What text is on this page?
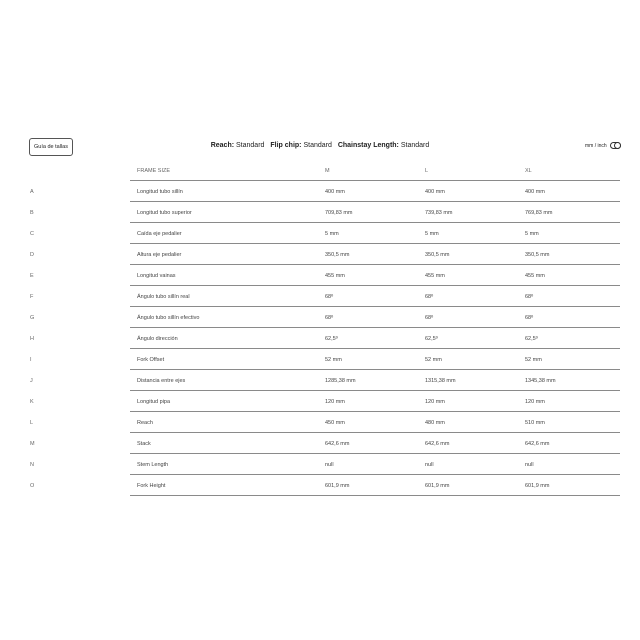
Guía de tallas	Reach: Standard Flip chip: Standard Chainstay Length: Standard	mm / inch
FRAME SIZE	M	L	XL
A	Longitud tubo sillín	400 mm	400 mm	400 mm
B	Longitud tubo superior	709,83 mm	739,83 mm	769,83 mm
C	Caída eje pedalier	5 mm	5 mm	5 mm
D	Altura eje pedalier	350,5 mm	350,5 mm	350,5 mm
E	Longitud vainas	455 mm	455 mm	455 mm
F	Ángulo tubo sillín real	68º	68º	68º
G	Ángulo tubo sillín efectivo	68º	68º	68º
H	Ángulo dirección	62,5º	62,5º	62,5º
I	Fork Offset	52 mm	52 mm	52 mm
J	Distancia entre ejes	1285,38 mm	1315,38 mm	1345,38 mm
K	Longitud pipa	120 mm	120 mm	120 mm
L	Reach	450 mm	480 mm	510 mm
M	Stack	642,6 mm	642,6 mm	642,6 mm
N	Stem Length	null	null	null
O	Fork Height	601,9 mm	601,9 mm	601,9 mm
